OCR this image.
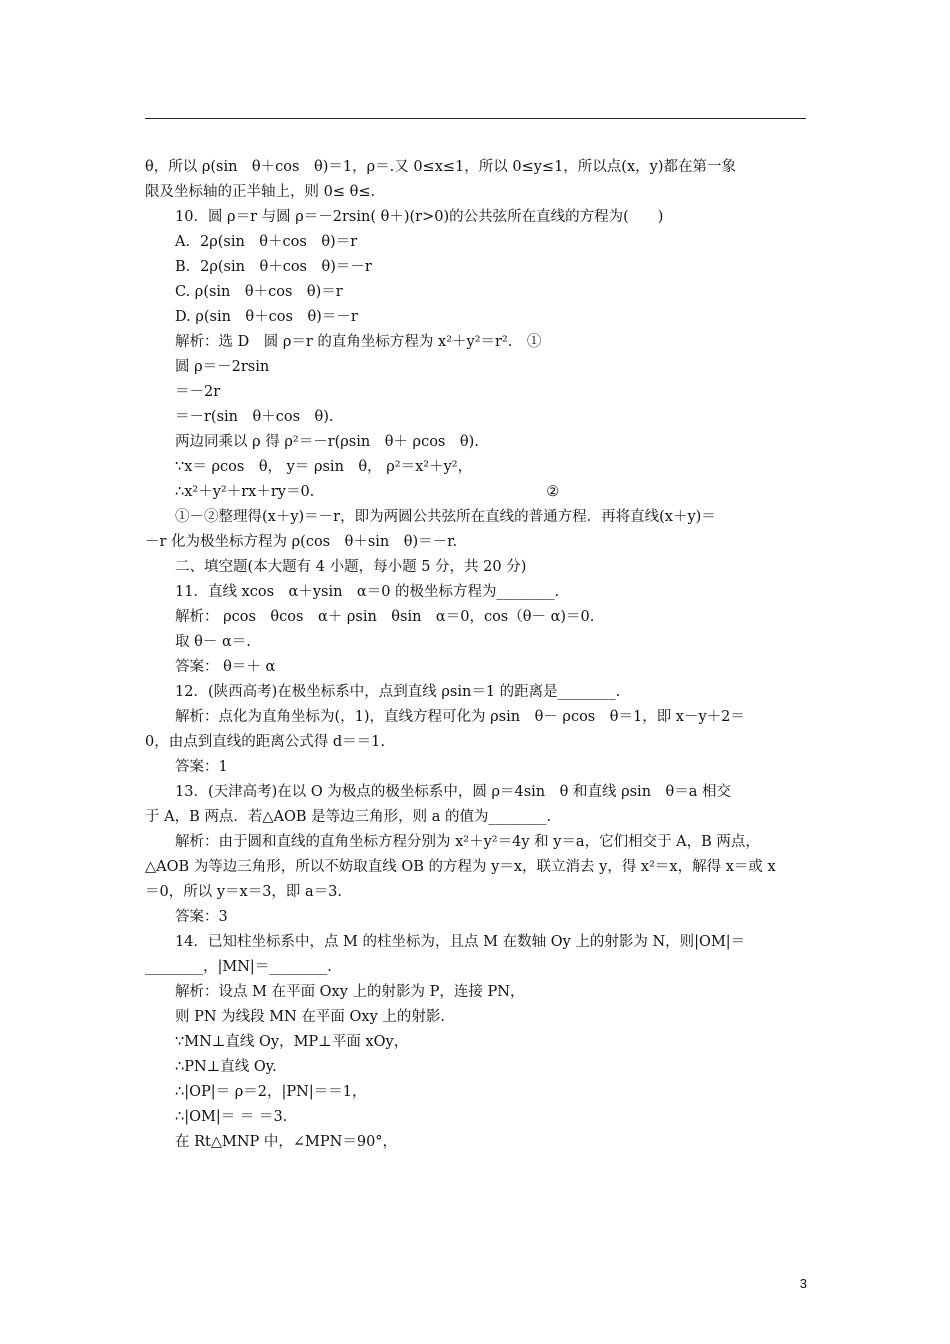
θ，所以 ρ(sin　θ＋cos　θ)＝1，ρ＝.又 0≤x≤1，所以 0≤y≤1，所以点(x，y)都在第一象
限及坐标轴的正半轴上，则 0≤ θ≤.
10．圆 ρ＝r 与圆 ρ＝－2rsin( θ＋)(r>0)的公共弦所在直线的方程为(　　)
A．2ρ(sin　θ＋cos　θ)＝r
B．2ρ(sin　θ＋cos　θ)＝－r
C. ρ(sin　θ＋cos　θ)＝r
D. ρ(sin　θ＋cos　θ)＝－r
解析：选 D　圆 ρ＝r 的直角坐标方程为 x²＋y²＝r².　①
圆 ρ＝－2rsin
＝－2r
＝－r(sin　θ＋cos　θ).
两边同乘以 ρ 得 ρ²＝－r(ρsin　θ＋ ρcos　θ).
∵x＝ ρcos　θ， y＝ ρsin　θ， ρ²＝x²＋y²，
∴x²＋y²＋rx＋ry＝0.　　　　　　　　　　　　　　　　②
①－②整理得(x＋y)＝－r，即为两圆公共弦所在直线的普通方程．再将直线(x＋y)＝
－r 化为极坐标方程为 ρ(cos　θ＋sin　θ)＝－r.
二、填空题(本大题有 4 小题，每小题 5 分，共 20 分)
11．直线 xcos　α＋ysin　α＝0 的极坐标方程为________.
解析： ρcos　θcos　α＋ ρsin　θsin　α＝0，cos（θ－ α)＝0.
取 θ－ α＝.
答案： θ＝＋ α
12．(陕西高考)在极坐标系中，点到直线 ρsin＝1 的距离是________.
解析：点化为直角坐标为(，1)，直线方程可化为 ρsin　θ－ ρcos　θ＝1，即 x－y＋2＝
0，由点到直线的距离公式得 d＝＝1.
答案：1
13．(天津高考)在以 O 为极点的极坐标系中，圆 ρ＝4sin　θ 和直线 ρsin　θ＝a 相交
于 A，B 两点．若△AOB 是等边三角形，则 a 的值为________.
解析：由于圆和直线的直角坐标方程分别为 x²＋y²＝4y 和 y＝a，它们相交于 A，B 两点，
△AOB 为等边三角形，所以不妨取直线 OB 的方程为 y＝x，联立消去 y，得 x²＝x，解得 x＝或 x
＝0，所以 y＝x＝3，即 a＝3.
答案：3
14．已知柱坐标系中，点 M 的柱坐标为，且点 M 在数轴 Oy 上的射影为 N，则|OM|＝
________，|MN|＝________.
解析：设点 M 在平面 Oxy 上的射影为 P，连接 PN，
则 PN 为线段 MN 在平面 Oxy 上的射影.
∵MN⊥直线 Oy，MP⊥平面 xOy，
∴PN⊥直线 Oy.
∴|OP|＝ ρ＝2，|PN|＝＝1，
∴|OM|＝ ＝ ＝3.
在 Rt△MNP 中，∠MPN＝90°，
3
